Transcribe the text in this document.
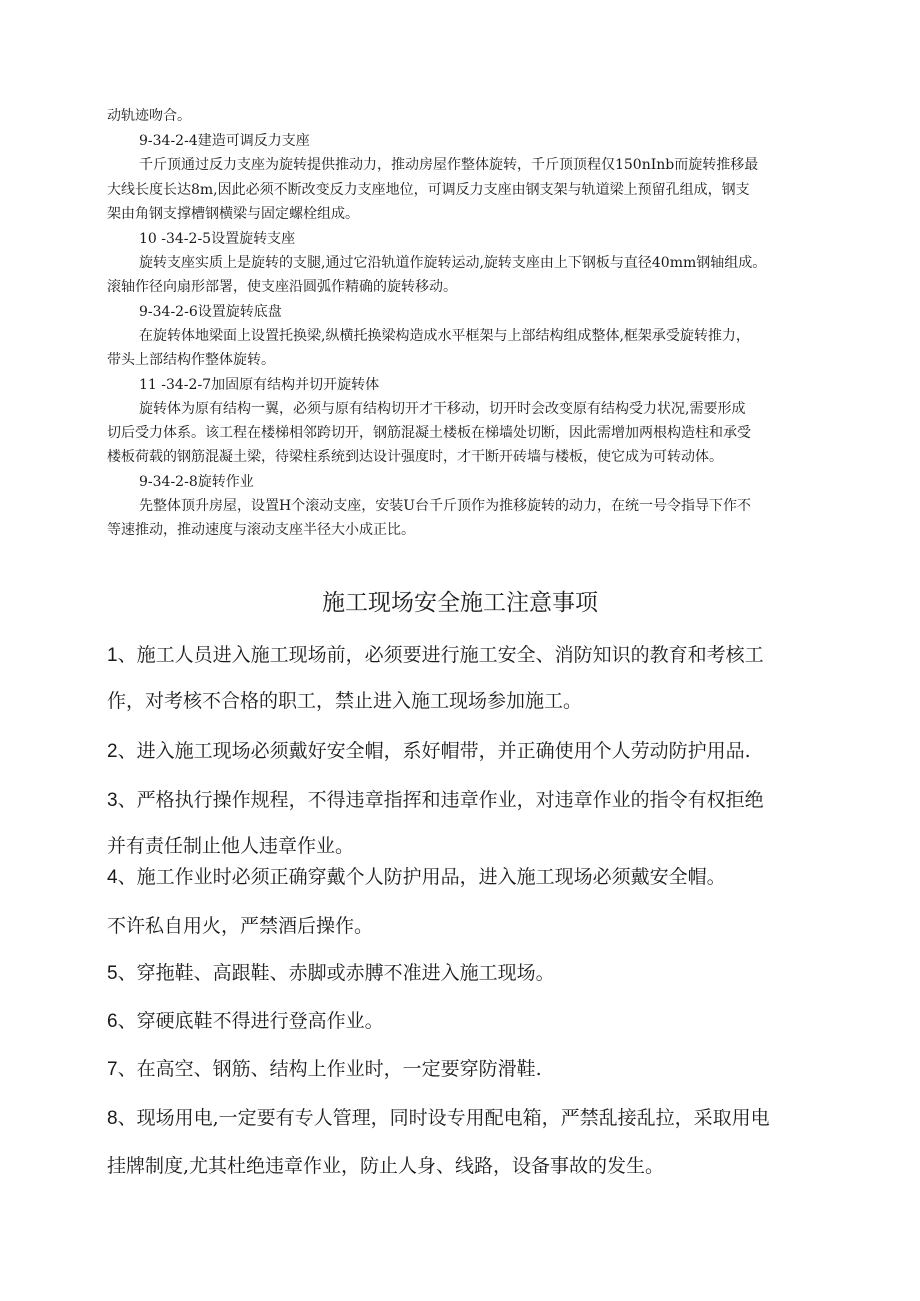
动轨迹吻合。

9-34-2-4建造可调反力支座

千斤顶通过反力支座为旋转提供推动力，推动房屋作整体旋转，千斤顶顶程仅150nInb而旋转推移最

大线长度长达8m,因此必须不断改变反力支座地位，可调反力支座由钢支架与轨道梁上预留孔组成，钢支

架由角钢支撑槽钢横梁与固定螺栓组成。

10 -34-2-5设置旋转支座

旋转支座实质上是旋转的支腿,通过它沿轨道作旋转运动,旋转支座由上下钢板与直径40mm钢轴组成。

滚轴作径向扇形部署，使支座沿圆弧作精确的旋转移动。

9-34-2-6设置旋转底盘

在旋转体地梁面上设置托换梁,纵横托换梁构造成水平框架与上部结构组成整体,框架承受旋转推力，

带头上部结构作整体旋转。

11 -34-2-7加固原有结构并切开旋转体

旋转体为原有结构一翼，必须与原有结构切开才干移动，切开时会改变原有结构受力状况,需要形成

切后受力体系。该工程在楼梯相邻跨切开，钢筋混凝土楼板在梯墙处切断，因此需增加两根构造柱和承受

楼板荷载的钢筋混凝土梁，待梁柱系统到达设计强度时，才干断开砖墙与楼板，使它成为可转动体。

9-34-2-8旋转作业

先整体顶升房屋，设置H个滚动支座，安装U台千斤顶作为推移旋转的动力，在统一号令指导下作不

等速推动，推动速度与滚动支座半径大小成正比。

施工现场安全施工注意事项

1、施工人员进入施工现场前，必须要进行施工安全、消防知识的教育和考核工

作，对考核不合格的职工，禁止进入施工现场参加施工。

2、进入施工现场必须戴好安全帽，系好帽带，并正确使用个人劳动防护用品.

3、严格执行操作规程，不得违章指挥和违章作业，对违章作业的指令有权拒绝

并有责任制止他人违章作业。

4、施工作业时必须正确穿戴个人防护用品，进入施工现场必须戴安全帽。

不许私自用火，严禁酒后操作。

5、穿拖鞋、高跟鞋、赤脚或赤膊不准进入施工现场。

6、穿硬底鞋不得进行登高作业。

7、在高空、钢筋、结构上作业时，一定要穿防滑鞋.

8、现场用电,一定要有专人管理，同时设专用配电箱，严禁乱接乱拉，采取用电

挂牌制度,尤其杜绝违章作业，防止人身、线路，设备事故的发生。
